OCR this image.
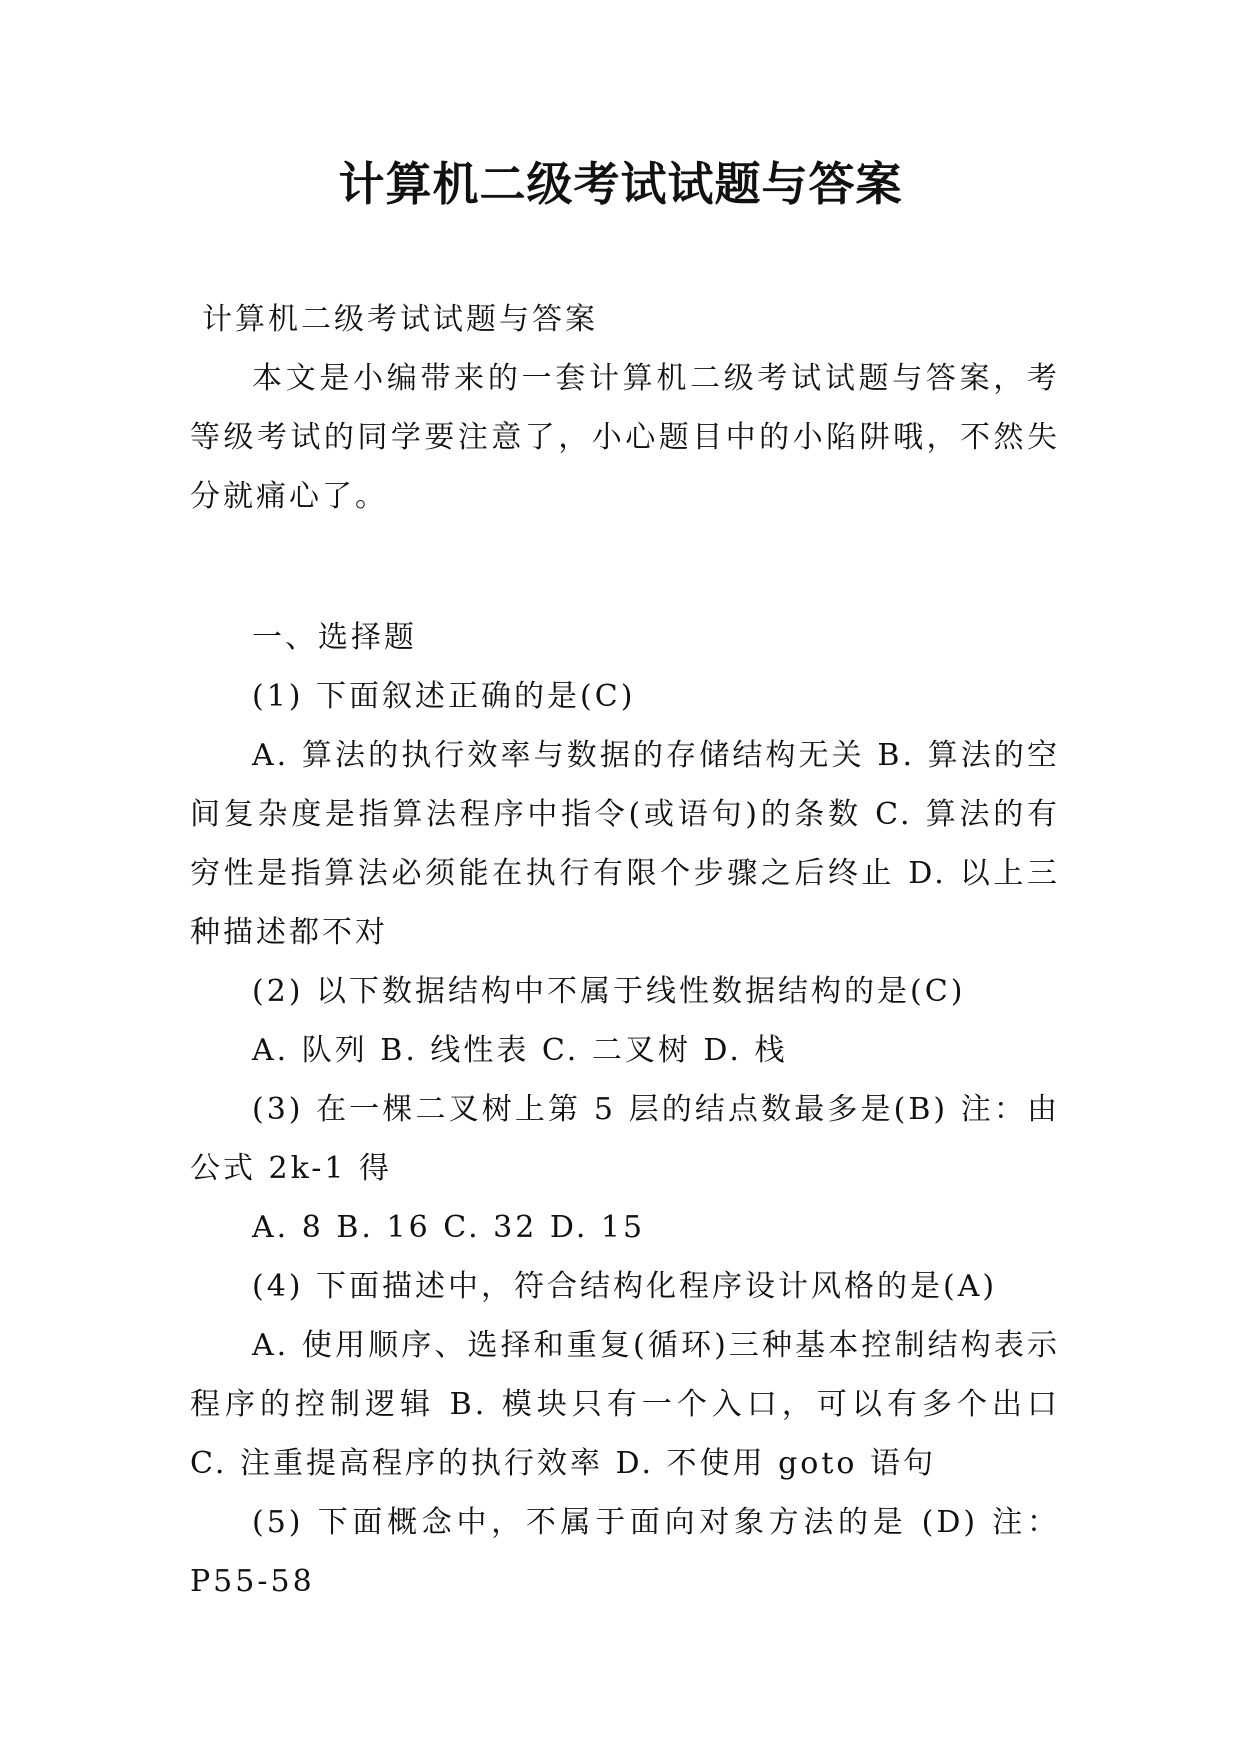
计算机二级考试试题与答案

计算机二级考试试题与答案

本文是小编带来的一套计算机二级考试试题与答案，考等级考试的同学要注意了，小心题目中的小陷阱哦，不然失分就痛心了。

一、选择题

(1) 下面叙述正确的是(C)

A. 算法的执行效率与数据的存储结构无关 B. 算法的空间复杂度是指算法程序中指令(或语句)的条数 C. 算法的有穷性是指算法必须能在执行有限个步骤之后终止 D. 以上三种描述都不对

(2) 以下数据结构中不属于线性数据结构的是(C)

A. 队列 B. 线性表 C. 二叉树 D. 栈

(3) 在一棵二叉树上第 5 层的结点数最多是(B) 注：由公式 2k-1 得

A. 8 B. 16 C. 32 D. 15

(4) 下面描述中，符合结构化程序设计风格的是(A)

A. 使用顺序、选择和重复(循环)三种基本控制结构表示程序的控制逻辑 B. 模块只有一个入口，可以有多个出口 C. 注重提高程序的执行效率 D. 不使用 goto 语句

(5) 下面概念中，不属于面向对象方法的是 (D) 注：P55-58
